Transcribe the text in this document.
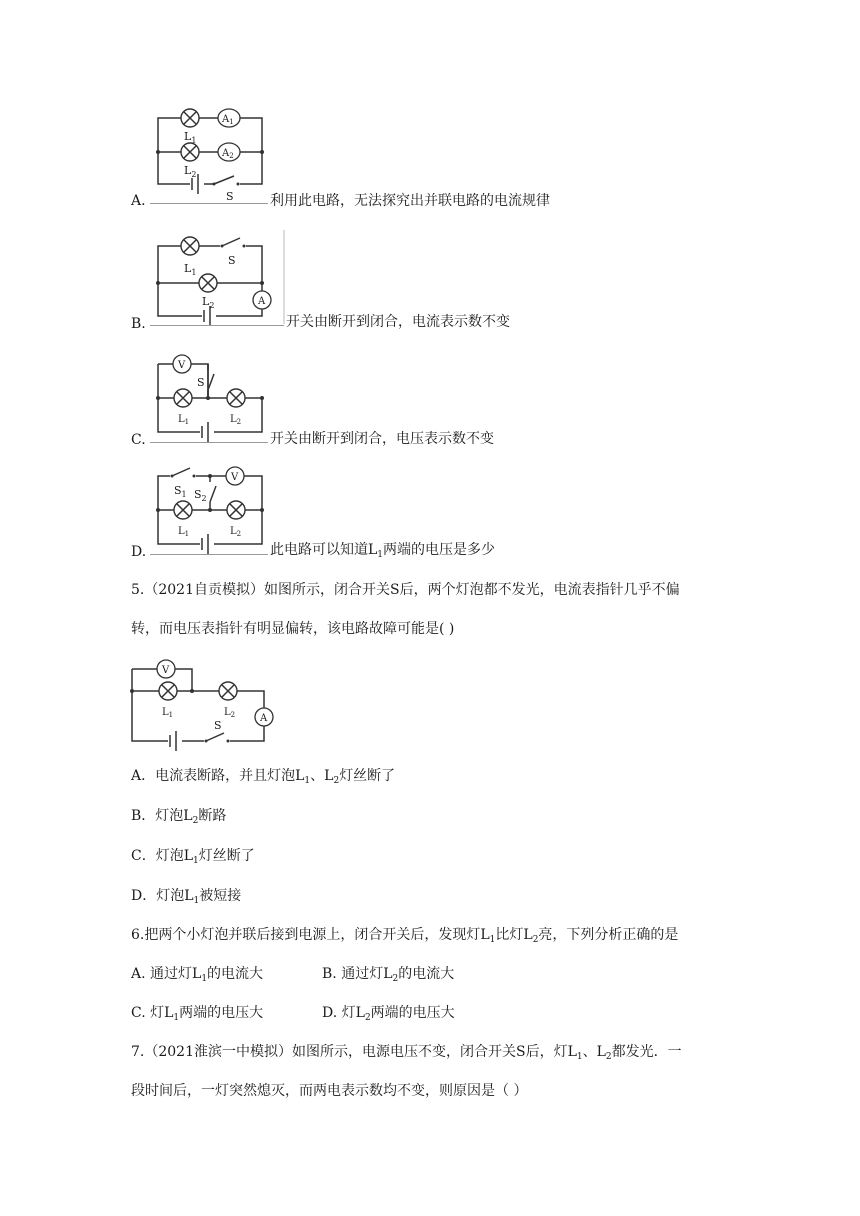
$A_1$
$A_2$
$L_1$
$L_2$
S
A.	利用此电路，无法探究出并联电路的电流规律
$L_1$
S
$L_2$	A
B.	开关由断开到闭合，电流表示数不变
V
S
$L_1$	$L_2$
C.	开关由断开到闭合，电压表示数不变
V
$S_1$ $S_2$
$L_1$	$L_2$
D.	此电路可以知道$L_1$两端的电压是多少
5.（2021自贡模拟）如图所示，闭合开关S后，两个灯泡都不发光，电流表指针几乎不偏
转，而电压表指针有明显偏转，该电路故障可能是( )
V
A
$L_1$	$L_2$
S
A．电流表断路，并且灯泡$L_1$、$L_2$灯丝断了
B．灯泡$L_2$断路
C．灯泡$L_1$灯丝断了
D．灯泡$L_1$被短接
6.把两个小灯泡并联后接到电源上，闭合开关后，发现灯$L_1$比灯$L_2$亮，下列分析正确的是
A. 通过灯$L_1$的电流大	B. 通过灯$L_2$的电流大
C. 灯$L_1$两端的电压大	D. 灯$L_2$两端的电压大
7.（2021淮滨一中模拟）如图所示，电源电压不变，闭合开关S后，灯$L_1$、$L_2$都发光．一
段时间后，一灯突然熄灭，而两电表示数均不变，则原因是（ ）
